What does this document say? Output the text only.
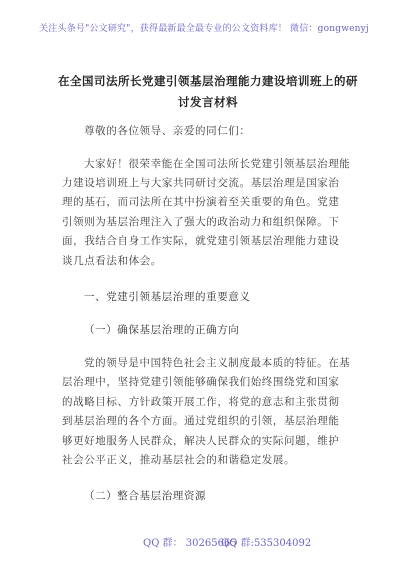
关注头条号"公文研究"，获得最新最全最专业的公文资料库！ 微信：gongwenyj
在全国司法所长党建引领基层治理能力建设培训班上的研
讨发言材料
尊敬的各位领导、亲爱的同仁们：
大家好！很荣幸能在全国司法所长党建引领基层治理能
力建设培训班上与大家共同研讨交流。基层治理是国家治
理的基石，而司法所在其中扮演着至关重要的角色。党建
引领则为基层治理注入了强大的政治动力和组织保障。下
面，我结合自身工作实际，就党建引领基层治理能力建设
谈几点看法和体会。
一、党建引领基层治理的重要意义
（一）确保基层治理的正确方向
党的领导是中国特色社会主义制度最本质的特征。在基
层治理中，坚持党建引领能够确保我们始终围绕党和国家
的战略目标、方针政策开展工作，将党的意志和主张贯彻
到基层治理的各个方面。通过党组织的引领，基层治理能
够更好地服务人民群众，解决人民群众的实际问题，维护
社会公平正义，推动基层社会的和谐稳定发展。
（二）整合基层治理资源
QQ 群： 30265665
QQ 群:535304092
